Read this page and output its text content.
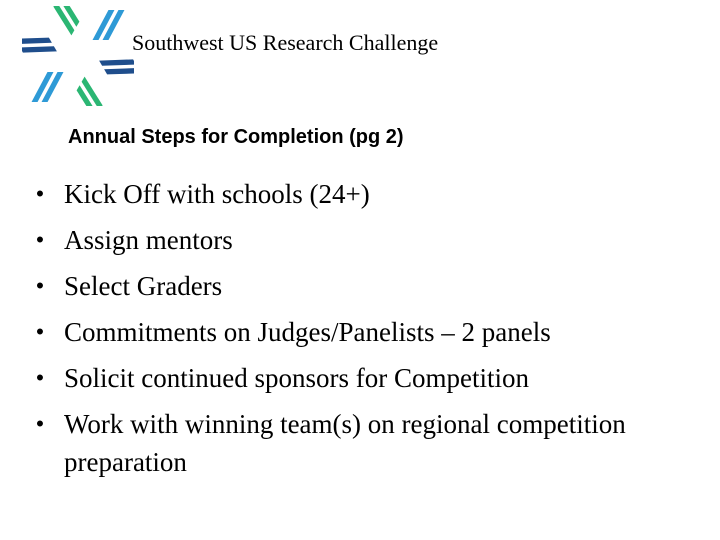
Southwest US Research Challenge
Annual Steps for Completion (pg 2)
• Kick Off with schools (24+)
• Assign mentors
• Select Graders
• Commitments on Judges/Panelists – 2 panels
• Solicit continued sponsors for Competition
• Work with winning team(s) on regional competition preparation
